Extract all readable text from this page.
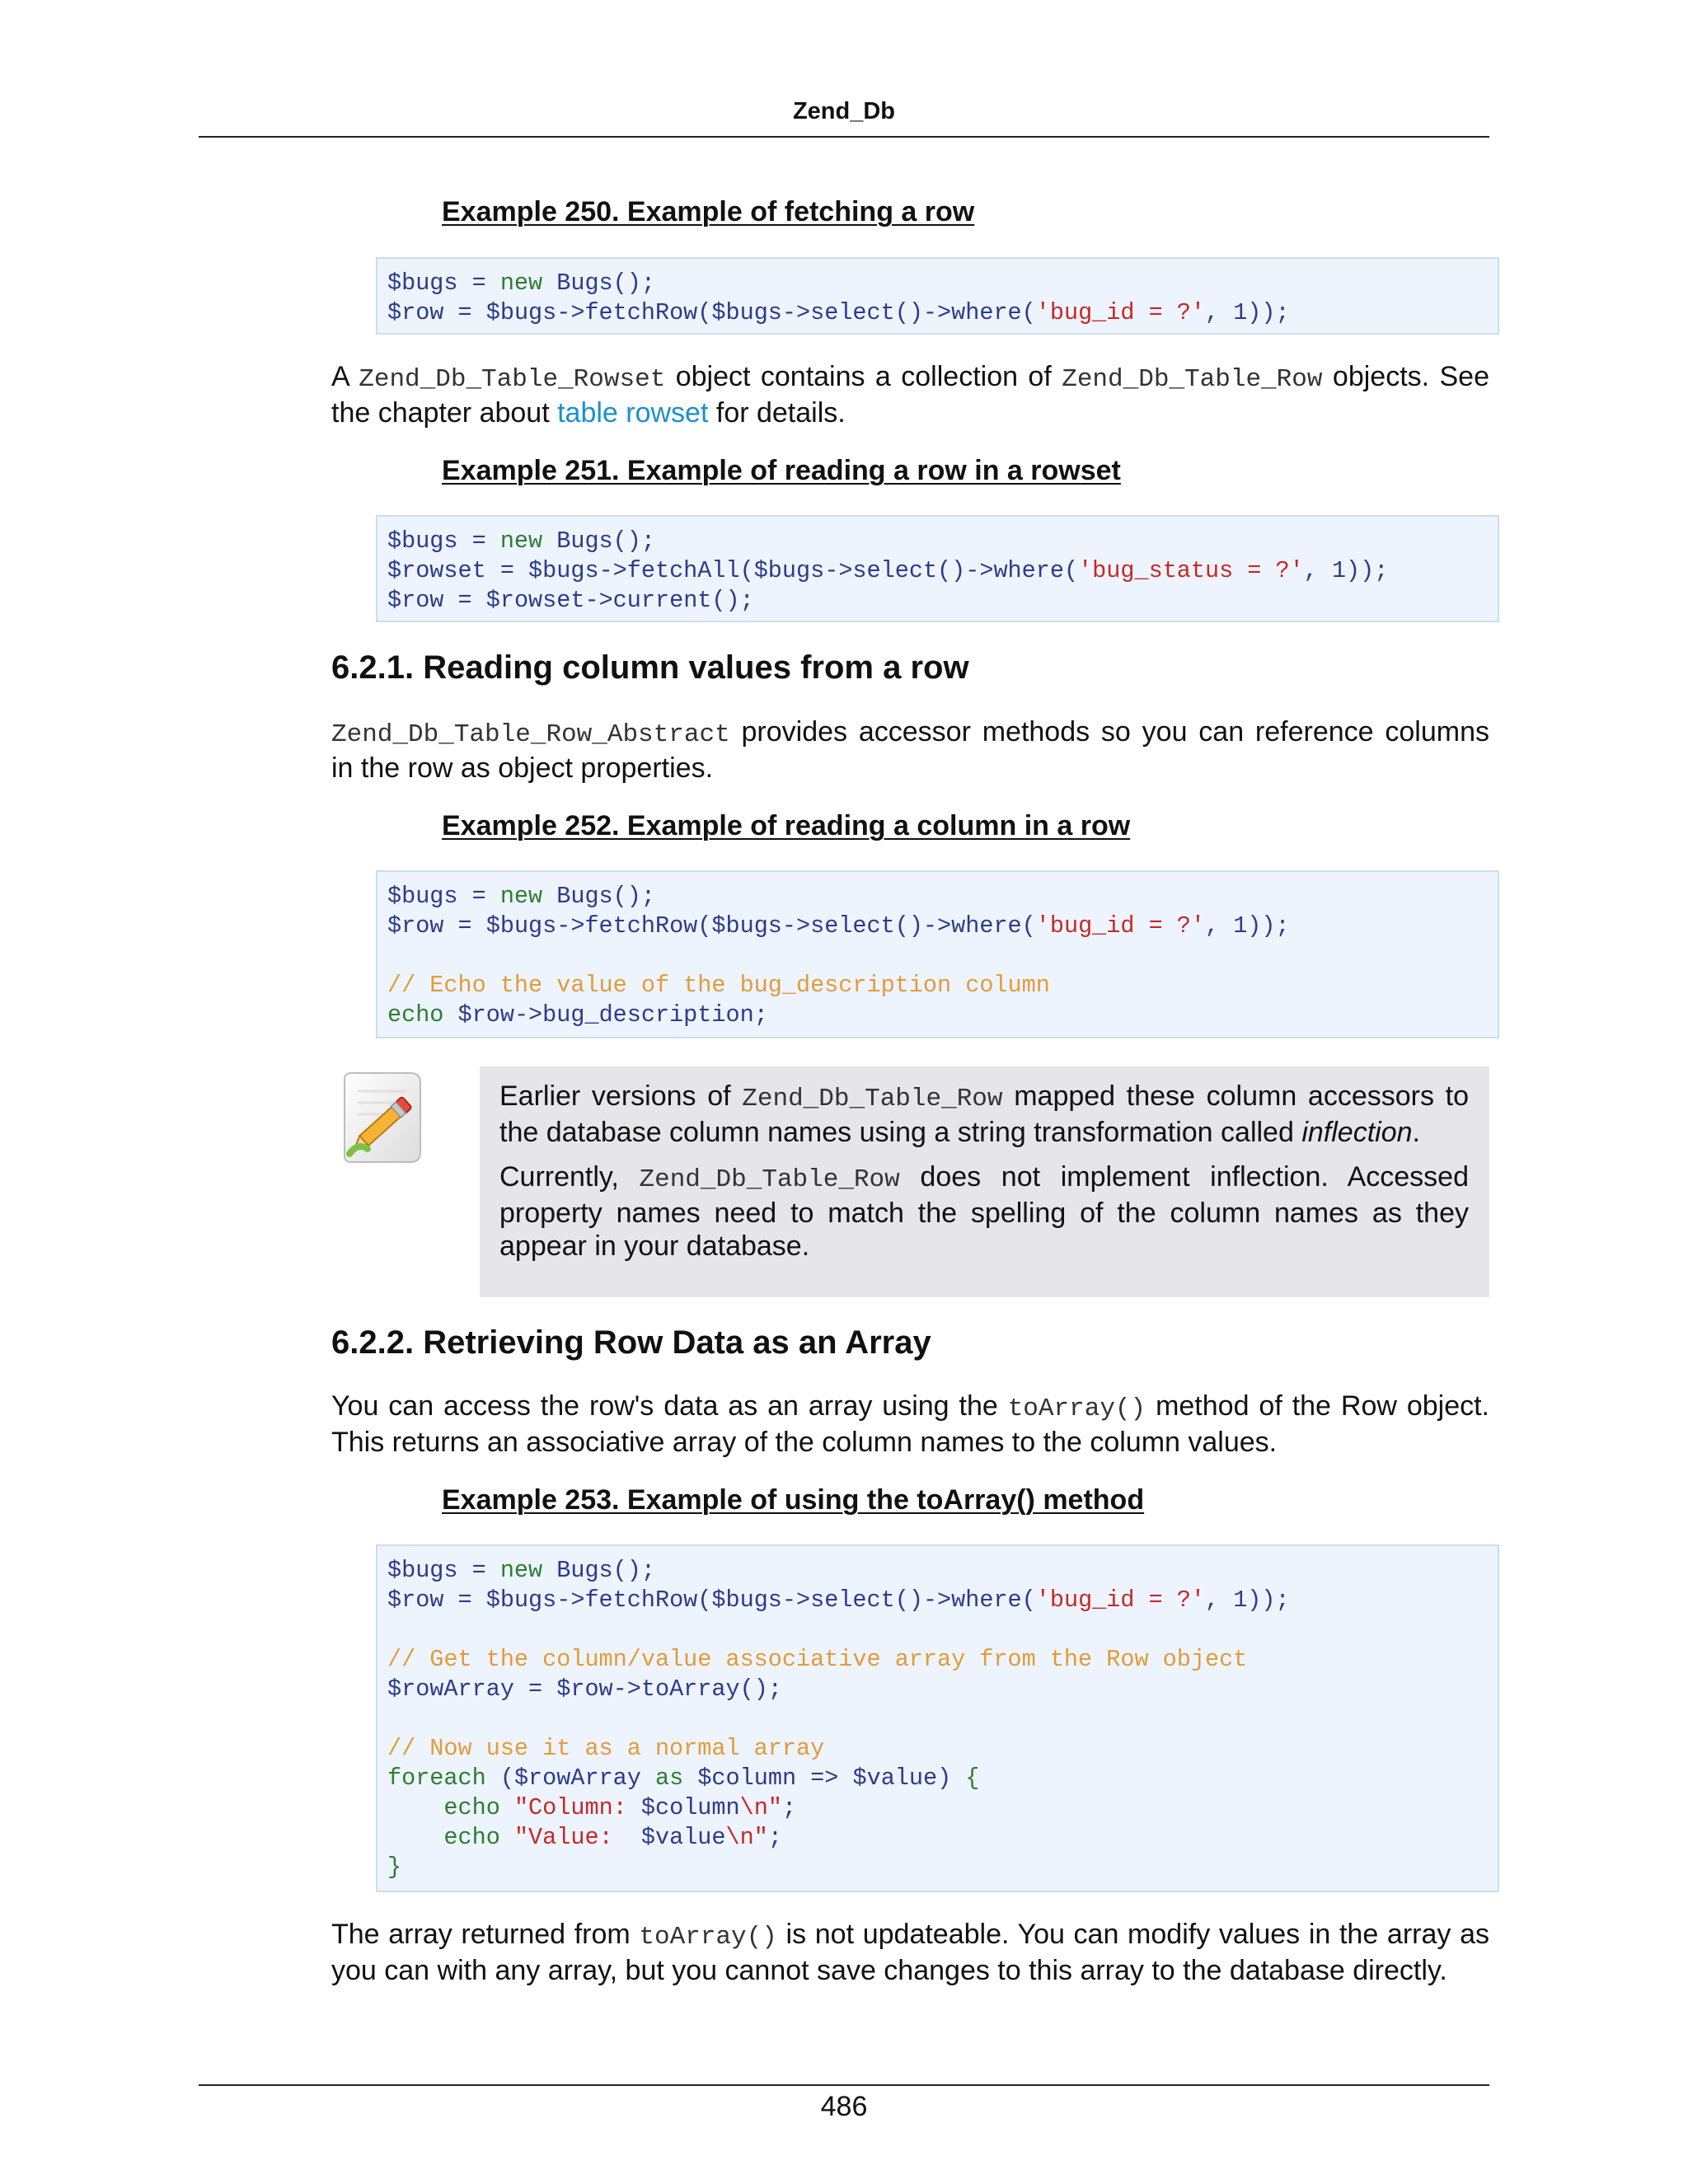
Zend_Db
Example 250. Example of fetching a row
$bugs = new Bugs();
$row = $bugs->fetchRow($bugs->select()->where('bug_id = ?', 1));

A Zend_Db_Table_Rowset object contains a collection of Zend_Db_Table_Row objects. See the chapter about table rowset for details.

Example 251. Example of reading a row in a rowset
$bugs = new Bugs();
$rowset = $bugs->fetchAll($bugs->select()->where('bug_status = ?', 1));
$row = $rowset->current();
6.2.1. Reading column values from a row

Zend_Db_Table_Row_Abstract provides accessor methods so you can reference columns in the row as object properties.

Example 252. Example of reading a column in a row
$bugs = new Bugs();
$row = $bugs->fetchRow($bugs->select()->where('bug_id = ?', 1));
// Echo the value of the bug_description column
echo $row->bug_description;

Earlier versions of Zend_Db_Table_Row mapped these column accessors to the database column names using a string transformation called inflection.

Currently, Zend_Db_Table_Row does not implement inflection. Accessed property names need to match the spelling of the column names as they appear in your database.

6.2.2. Retrieving Row Data as an Array

You can access the row's data as an array using the toArray() method of the Row object. This returns an associative array of the column names to the column values.

Example 253. Example of using the toArray() method
$bugs = new Bugs();
$row = $bugs->fetchRow($bugs->select()->where('bug_id = ?', 1));
// Get the column/value associative array from the Row object
$rowArray = $row->toArray();
// Now use it as a normal array
foreach ($rowArray as $column => $value) {
echo "Column: $column\n";
echo "Value:  $value\n";
}

The array returned from toArray() is not updateable. You can modify values in the array as you can with any array, but you cannot save changes to this array to the database directly.

486
